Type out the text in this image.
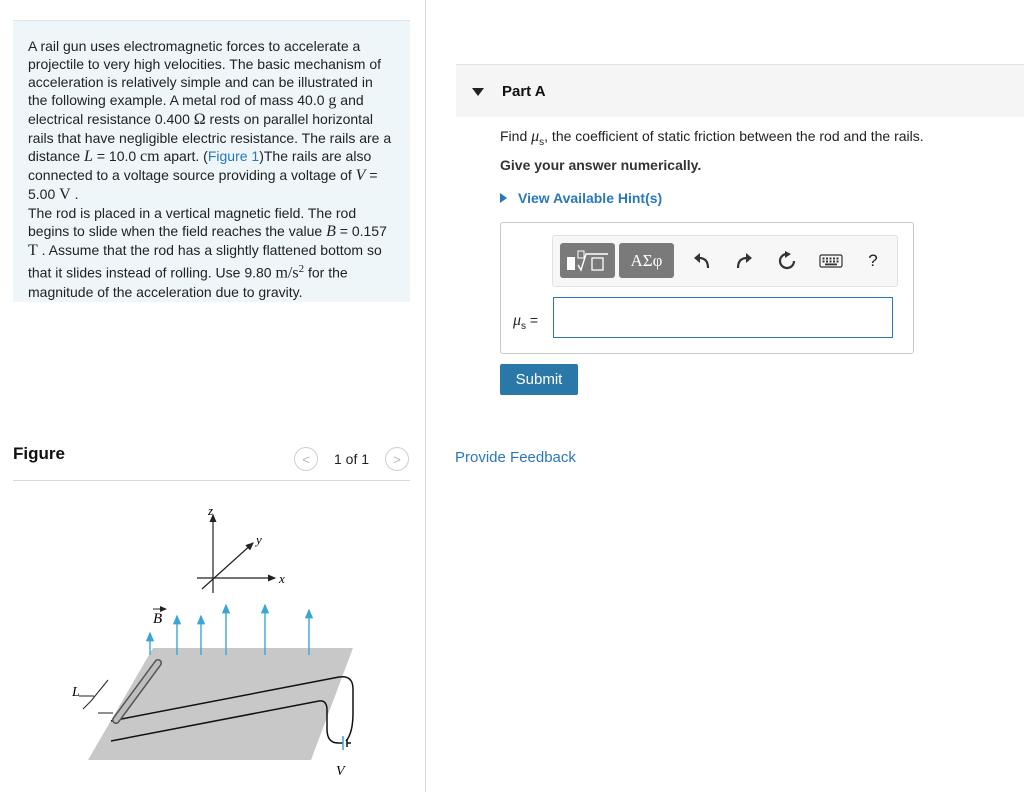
A rail gun uses electromagnetic forces to accelerate a projectile to very high velocities. The basic mechanism of acceleration is relatively simple and can be illustrated in the following example. A metal rod of mass 40.0 g and electrical resistance 0.400 Ω rests on parallel horizontal rails that have negligible electric resistance. The rails are a distance L = 10.0 cm apart. (Figure 1)The rails are also connected to a voltage source providing a voltage of V = 5.00 V .

The rod is placed in a vertical magnetic field. The rod begins to slide when the field reaches the value B = 0.157 T . Assume that the rod has a slightly flattened bottom so that it slides instead of rolling. Use 9.80 $m/s^2$ for the magnitude of the acceleration due to gravity.

Figure	< 1 of 1 >
z
y
x
B
V
L
Part A
Find $\mu_s$, the coefficient of static friction between the rod and the rails.
Give your answer numerically.
View Available Hint(s)
ΑΣφ	?
$\mu_s$ =
Submit
Provide Feedback
